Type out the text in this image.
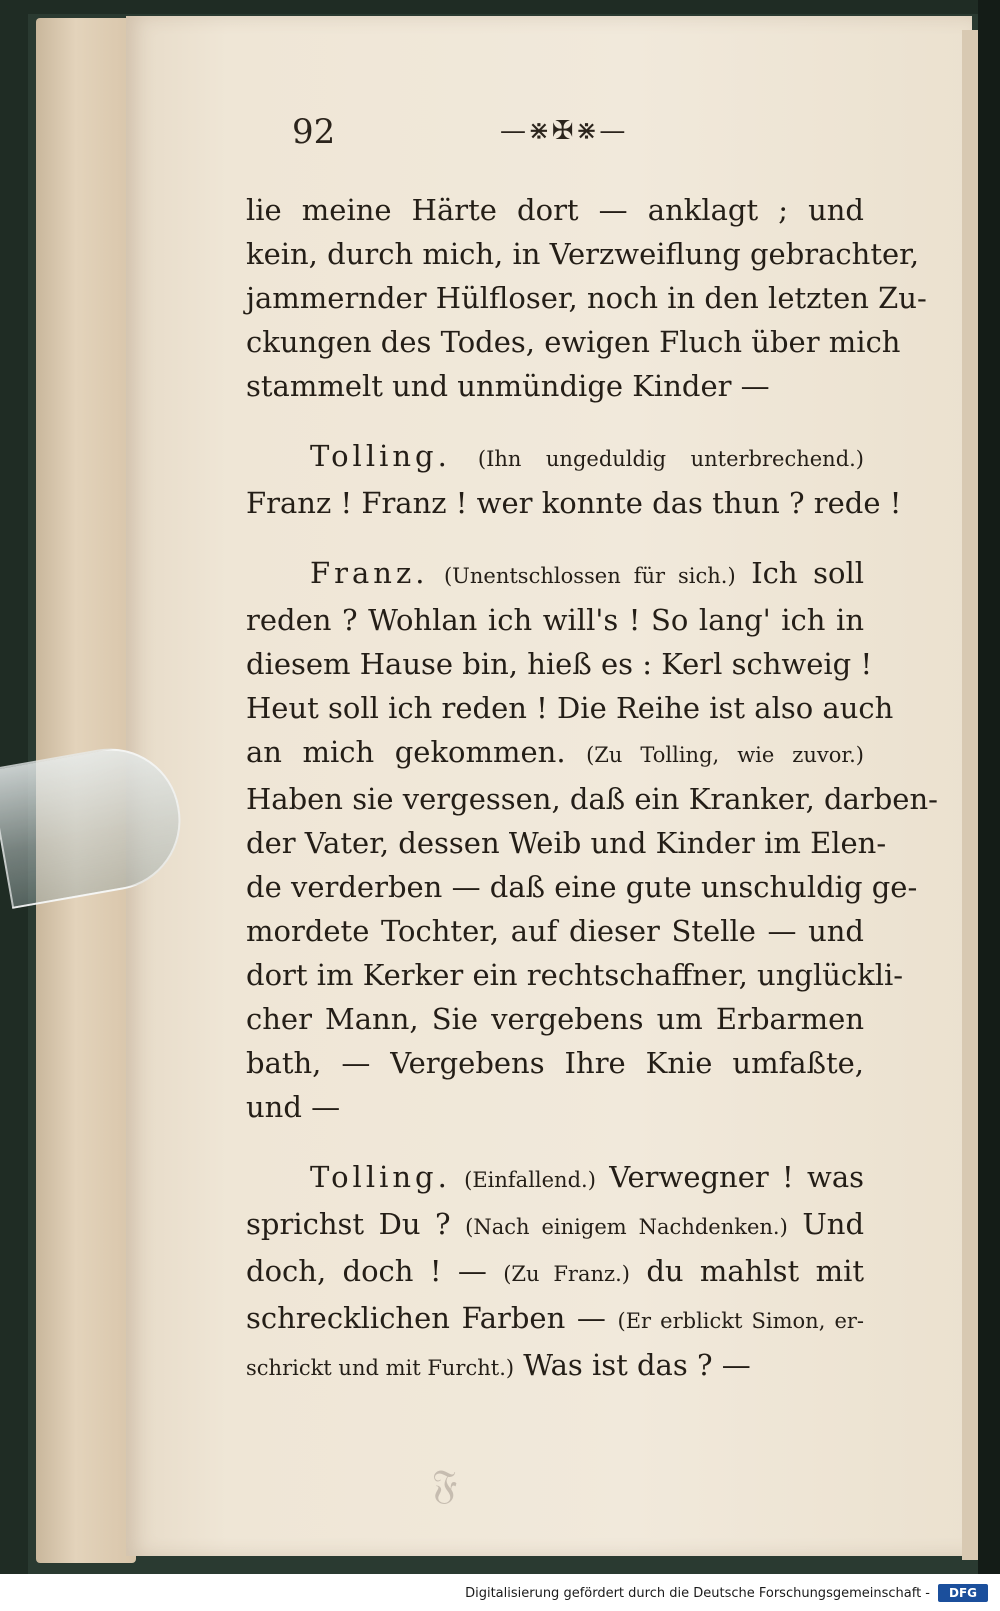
92	—⋇✠⋇—
lie meine Härte dort — anklagt ; und
kein, durch mich, in Verzweiflung gebrachter,
jammernder Hülfloser, noch in den letzten Zu-
ckungen des Todes, ewigen Fluch über mich
stammelt und unmündige Kinder —
Tolling. (Ihn ungeduldig unterbrechend.)
Franz ! Franz ! wer konnte das thun ? rede !
Franz. (Unentschlossen für sich.) Ich soll
reden ? Wohlan ich will's ! So lang' ich in
diesem Hause bin, hieß es : Kerl schweig !
Heut soll ich reden ! Die Reihe ist also auch
an mich gekommen. (Zu Tolling, wie zuvor.)
Haben sie vergessen, daß ein Kranker, darben-
der Vater, dessen Weib und Kinder im Elen-
de verderben — daß eine gute unschuldig ge-
mordete Tochter, auf dieser Stelle — und
dort im Kerker ein rechtschaffner, unglückli-
cher Mann, Sie vergebens um Erbarmen
bath, — Vergebens Ihre Knie umfaßte,
und —
Tolling. (Einfallend.) Verwegner ! was
sprichst Du ? (Nach einigem Nachdenken.) Und
doch, doch ! — (Zu Franz.) du mahlst mit
schrecklichen Farben — (Er erblickt Simon, er-
schrickt und mit Furcht.) Was ist das ? —
𝔉
Digitalisierung gefördert durch die Deutsche Forschungsgemeinschaft -	DFG
